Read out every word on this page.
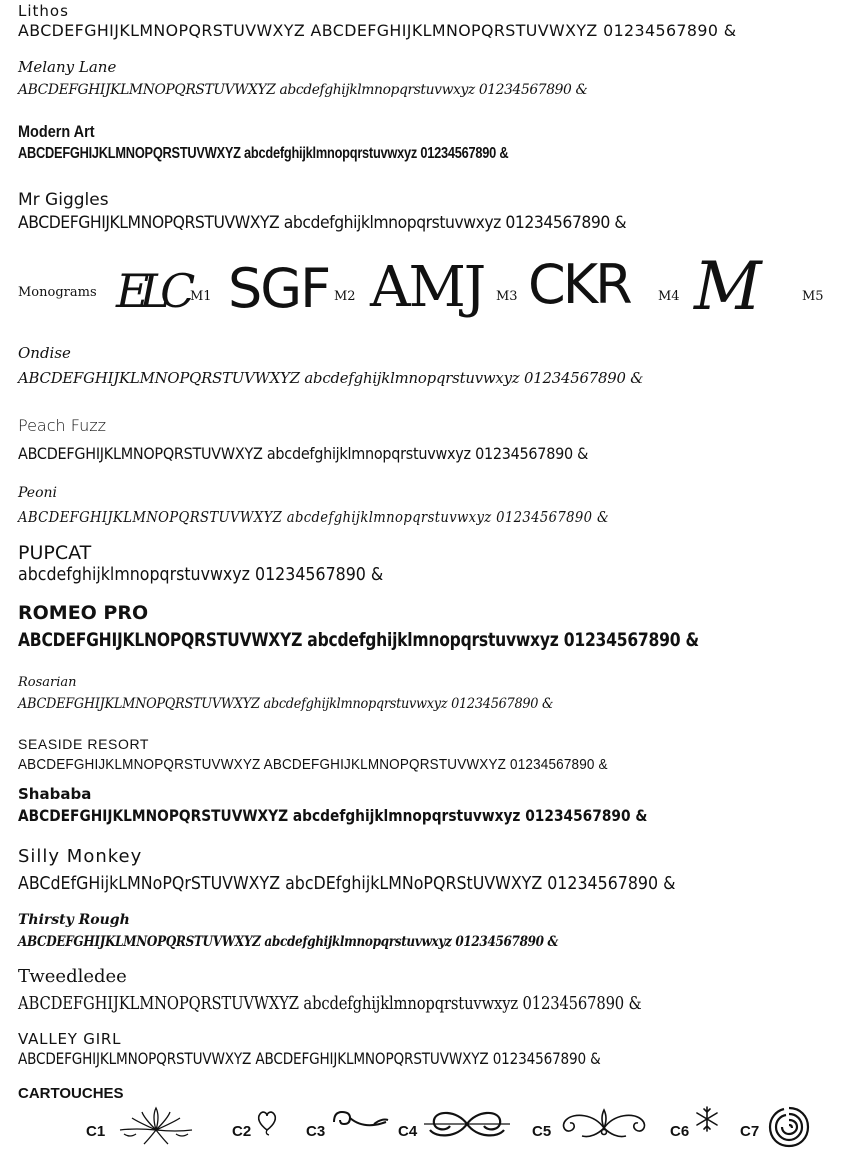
Lithos
ABCDEFGHIJKLMNOPQRSTUVWXYZ ABCDEFGHIJKLMNOPQRSTUVWXYZ 01234567890 &
Melany Lane
ABCDEFGHIJKLMNOPQRSTUVWXYZ abcdefghijklmnopqrstuvwxyz 01234567890 &
Modern Art
ABCDEFGHIJKLMNOPQRSTUVWXYZ abcdefghijklmnopqrstuvwxyz 01234567890 &
Mr Giggles
ABCDEFGHIJKLMNOPQRSTUVWXYZ abcdefghijklmnopqrstuvwxyz 01234567890 &
Monograms ELC M1 SGF M2 AMJ M3 CKR M4 M	M5
Ondise
ABCDEFGHIJKLMNOPQRSTUVWXYZ abcdefghijklmnopqrstuvwxyz 01234567890 &
Peach Fuzz
ABCDEFGHIJKLMNOPQRSTUVWXYZ abcdefghijklmnopqrstuvwxyz 01234567890 &
Peoni
ABCDEFGHIJKLMNOPQRSTUVWXYZ abcdefghijklmnopqrstuvwxyz 01234567890 &
PUPCAT
abcdefghijklmnopqrstuvwxyz 01234567890 &
ROMEO PRO
ABCDEFGHIJKLNOPQRSTUVWXYZ abcdefghijklmnopqrstuvwxyz 01234567890 &
Rosarian
ABCDEFGHIJKLMNOPQRSTUVWXYZ abcdefghijklmnopqrstuvwxyz 01234567890 &
SEASIDE RESORT
ABCDEFGHIJKLMNOPQRSTUVWXYZ ABCDEFGHIJKLMNOPQRSTUVWXYZ 01234567890 &
Shababa
ABCDEFGHIJKLMNOPQRSTUVWXYZ abcdefghijklmnopqrstuvwxyz 01234567890 &
Silly Monkey
ABCdEfGHijkLMNoPQrSTUVWXYZ abcDEfghijkLMNoPQRStUVWXYZ 01234567890 &
Thirsty Rough
ABCDEFGHIJKLMNOPQRSTUVWXYZ abcdefghijklmnopqrstuvwxyz 01234567890 &
Tweedledee
ABCDEFGHIJKLMNOPQRSTUVWXYZ abcdefghijklmnopqrstuvwxyz 01234567890 &
VALLEY GIRL
ABCDEFGHIJKLMNOPQRSTUVWXYZ ABCDEFGHIJKLMNOPQRSTUVWXYZ 01234567890 &
CARTOUCHES
C1	C2	C3	C4	C5	C6	C7
